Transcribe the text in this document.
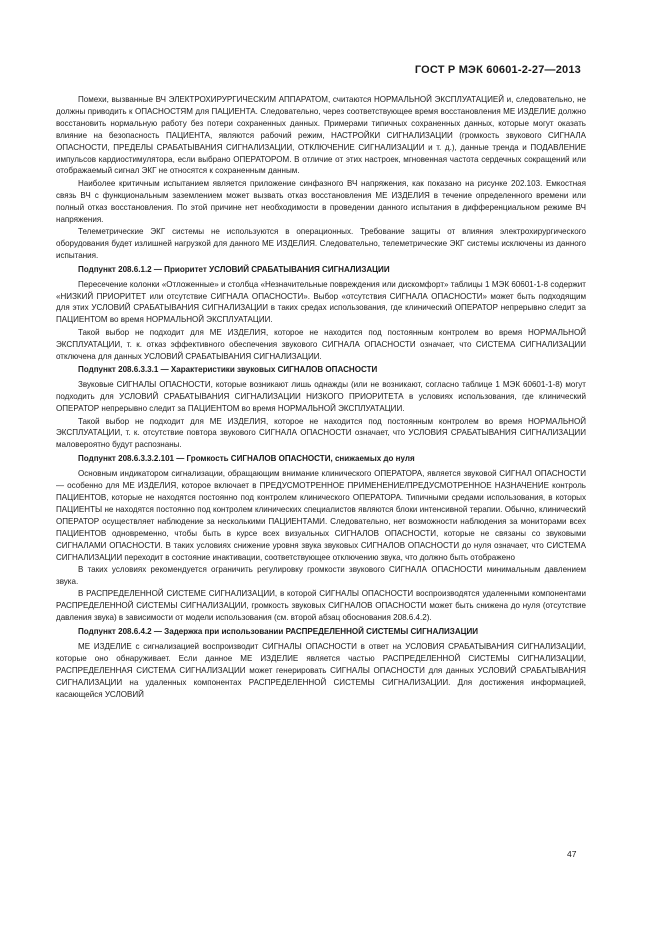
ГОСТ Р МЭК 60601-2-27—2013
Помехи, вызванные ВЧ ЭЛЕКТРОХИРУРГИЧЕСКИМ АППАРАТОМ, считаются НОРМАЛЬНОЙ ЭКСПЛУАТАЦИЕЙ и, следовательно, не должны приводить к ОПАСНОСТЯМ для ПАЦИЕНТА. Следовательно, через соответствующее время восстановления МЕ ИЗДЕЛИЕ должно восстановить нормальную работу без потери сохраненных данных. Примерами типичных сохраненных данных, которые могут оказать влияние на безопасность ПАЦИЕНТА, являются рабочий режим, НАСТРОЙКИ СИГНАЛИЗАЦИИ (громкость звукового СИГНАЛА ОПАСНОСТИ, ПРЕДЕЛЫ СРАБАТЫВАНИЯ СИГНАЛИЗАЦИИ, ОТКЛЮЧЕНИЕ СИГНАЛИЗАЦИИ и т. д.), данные тренда и ПОДАВЛЕНИЕ импульсов кардиостимулятора, если выбрано ОПЕРАТОРОМ. В отличие от этих настроек, мгновенная частота сердечных сокращений или отображаемый сигнал ЭКГ не относятся к сохраненным данным.
Наиболее критичным испытанием является приложение синфазного ВЧ напряжения, как показано на рисунке 202.103. Емкостная связь ВЧ с функциональным заземлением может вызвать отказ восстановления МЕ ИЗДЕЛИЯ в течение определенного времени или полный отказ восстановления. По этой причине нет необходимости в проведении данного испытания в дифференциальном режиме ВЧ напряжения.
Телеметрические ЭКГ системы не используются в операционных. Требование защиты от влияния электрохирургического оборудования будет излишней нагрузкой для данного МЕ ИЗДЕЛИЯ. Следовательно, телеметрические ЭКГ системы исключены из данного испытания.
Подпункт 208.6.1.2 — Приоритет УСЛОВИЙ СРАБАТЫВАНИЯ СИГНАЛИЗАЦИИ
Пересечение колонки «Отложенные» и столбца «Незначительные повреждения или дискомфорт» таблицы 1 МЭК 60601-1-8 содержит «НИЗКИЙ ПРИОРИТЕТ или отсутствие СИГНАЛА ОПАСНОСТИ». Выбор «отсутствия СИГНАЛА ОПАСНОСТИ» может быть подходящим для этих УСЛОВИЙ СРАБАТЫВАНИЯ СИГНАЛИЗАЦИИ в таких средах использования, где клинический ОПЕРАТОР непрерывно следит за ПАЦИЕНТОМ во время НОРМАЛЬНОЙ ЭКСПЛУАТАЦИИ.
Такой выбор не подходит для МЕ ИЗДЕЛИЯ, которое не находится под постоянным контролем во время НОРМАЛЬНОЙ ЭКСПЛУАТАЦИИ, т. к. отказ эффективного обеспечения звукового СИГНАЛА ОПАСНОСТИ означает, что СИСТЕМА СИГНАЛИЗАЦИИ отключена для данных УСЛОВИЙ СРАБАТЫВАНИЯ СИГНАЛИЗАЦИИ.
Подпункт 208.6.3.3.1 — Характеристики звуковых СИГНАЛОВ ОПАСНОСТИ
Звуковые СИГНАЛЫ ОПАСНОСТИ, которые возникают лишь однажды (или не возникают, согласно таблице 1 МЭК 60601-1-8) могут подходить для УСЛОВИЙ СРАБАТЫВАНИЯ СИГНАЛИЗАЦИИ НИЗКОГО ПРИОРИТЕТА в условиях использования, где клинический ОПЕРАТОР непрерывно следит за ПАЦИЕНТОМ во время НОРМАЛЬНОЙ ЭКСПЛУАТАЦИИ.
Такой выбор не подходит для МЕ ИЗДЕЛИЯ, которое не находится под постоянным контролем во время НОРМАЛЬНОЙ ЭКСПЛУАТАЦИИ, т. к. отсутствие повтора звукового СИГНАЛА ОПАСНОСТИ означает, что УСЛОВИЯ СРАБАТЫВАНИЯ СИГНАЛИЗАЦИИ маловероятно будут распознаны.
Подпункт 208.6.3.3.2.101 — Громкость СИГНАЛОВ ОПАСНОСТИ, снижаемых до нуля
Основным индикатором сигнализации, обращающим внимание клинического ОПЕРАТОРА, является звуковой СИГНАЛ ОПАСНОСТИ — особенно для МЕ ИЗДЕЛИЯ, которое включает в ПРЕДУСМОТРЕННОЕ ПРИМЕНЕНИЕ/ПРЕДУСМОТРЕННОЕ НАЗНАЧЕНИЕ контроль ПАЦИЕНТОВ, которые не находятся постоянно под контролем клинического ОПЕРАТОРА. Типичными средами использования, в которых ПАЦИЕНТЫ не находятся постоянно под контролем клинических специалистов являются блоки интенсивной терапии. Обычно, клинический ОПЕРАТОР осуществляет наблюдение за несколькими ПАЦИЕНТАМИ. Следовательно, нет возможности наблюдения за мониторами всех ПАЦИЕНТОВ одновременно, чтобы быть в курсе всех визуальных СИГНАЛОВ ОПАСНОСТИ, которые не связаны со звуковыми СИГНАЛАМИ ОПАСНОСТИ. В таких условиях снижение уровня звука звуковых СИГНАЛОВ ОПАСНОСТИ до нуля означает, что СИСТЕМА СИГНАЛИЗАЦИИ переходит в состояние инактивации, соответствующее отключению звука, что должно быть отображено
В таких условиях рекомендуется ограничить регулировку громкости звукового СИГНАЛА ОПАСНОСТИ минимальным давлением звука.
В РАСПРЕДЕЛЕННОЙ СИСТЕМЕ СИГНАЛИЗАЦИИ, в которой СИГНАЛЫ ОПАСНОСТИ воспроизводятся удаленными компонентами РАСПРЕДЕЛЕННОЙ СИСТЕМЫ СИГНАЛИЗАЦИИ, громкость звуковых СИГНАЛОВ ОПАСНОСТИ может быть снижена до нуля (отсутствие давления звука) в зависимости от модели использования (см. второй абзац обоснования 208.6.4.2).
Подпункт 208.6.4.2 — Задержка при использовании РАСПРЕДЕЛЕННОЙ СИСТЕМЫ СИГНАЛИЗАЦИИ
МЕ ИЗДЕЛИЕ с сигнализацией воспроизводит СИГНАЛЫ ОПАСНОСТИ в ответ на УСЛОВИЯ СРАБАТЫВАНИЯ СИГНАЛИЗАЦИИ, которые оно обнаруживает. Если данное МЕ ИЗДЕЛИЕ является частью РАСПРЕДЕЛЕННОЙ СИСТЕМЫ СИГНАЛИЗАЦИИ, РАСПРЕДЕЛЕННАЯ СИСТЕМА СИГНАЛИЗАЦИИ может генерировать СИГНАЛЫ ОПАСНОСТИ для данных УСЛОВИЙ СРАБАТЫВАНИЯ СИГНАЛИЗАЦИИ на удаленных компонентах РАСПРЕДЕЛЕННОЙ СИСТЕМЫ СИГНАЛИЗАЦИИ. Для достижения информацией, касающейся УСЛОВИЙ
47
